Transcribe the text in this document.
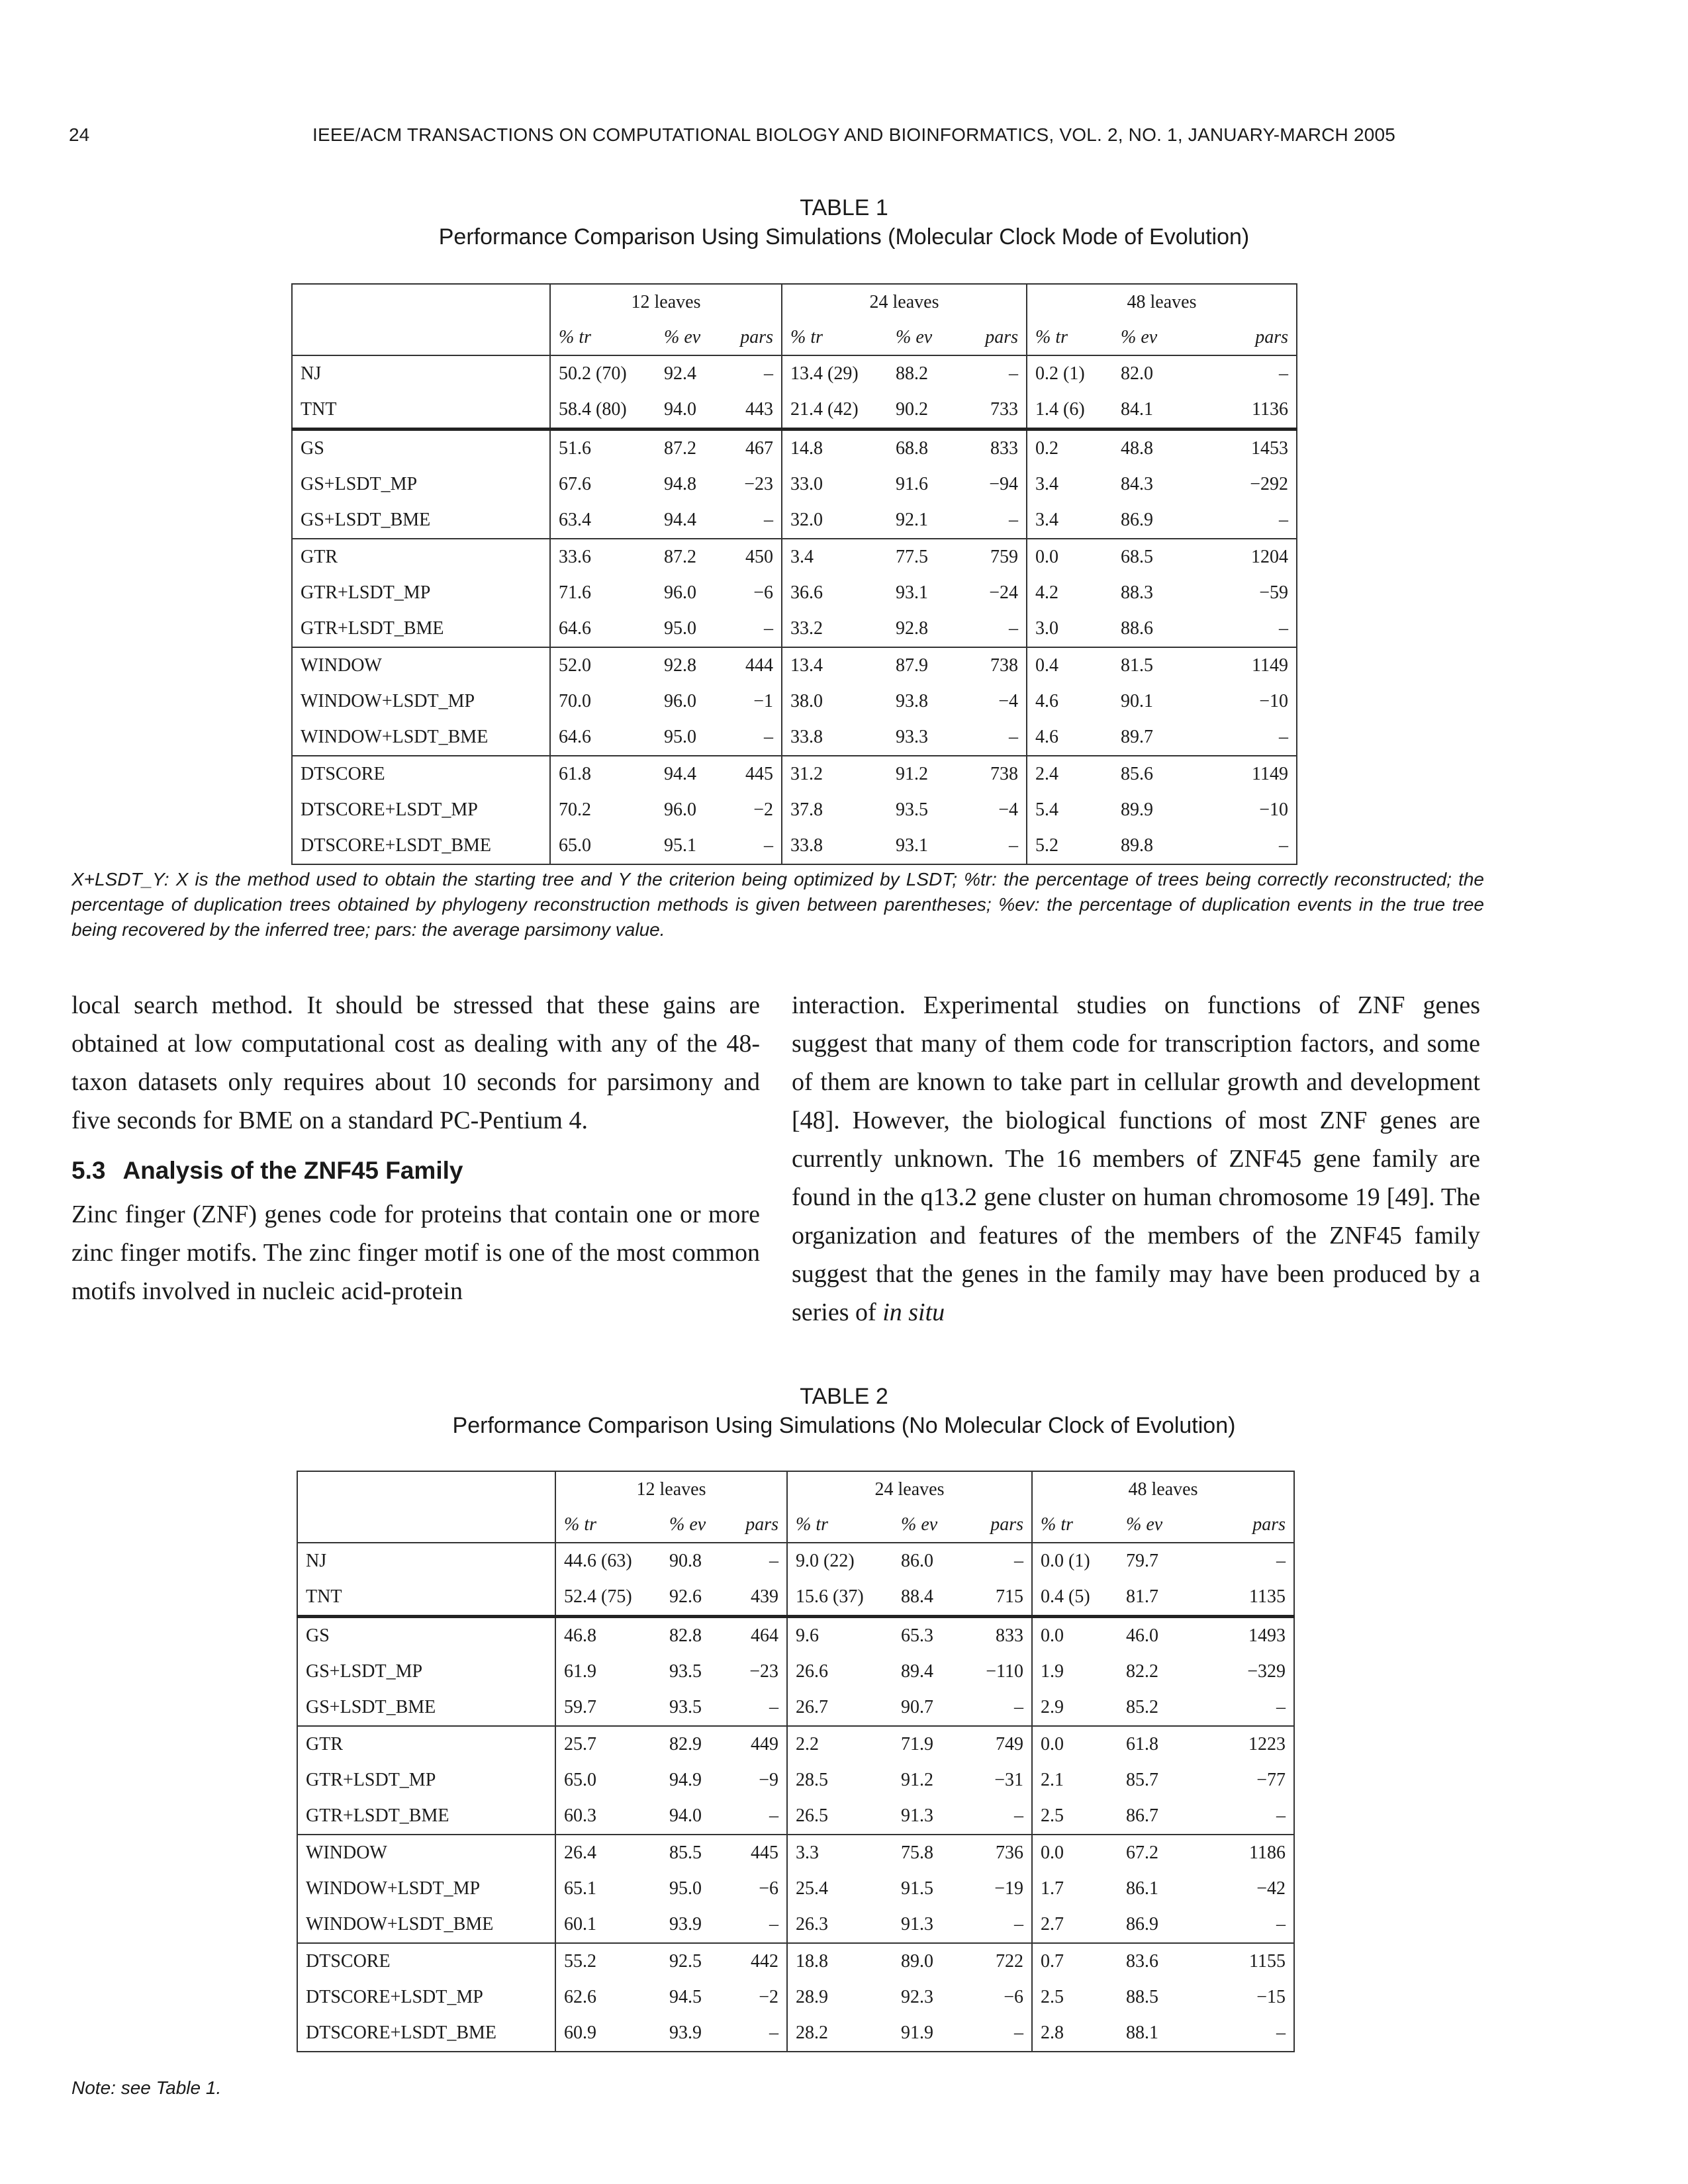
24	IEEE/ACM TRANSACTIONS ON COMPUTATIONAL BIOLOGY AND BIOINFORMATICS, VOL. 2, NO. 1, JANUARY-MARCH 2005
TABLE 1
Performance Comparison Using Simulations (Molecular Clock Mode of Evolution)
	12 leaves			24 leaves			48 leaves		
	% tr	% ev	pars	% tr	% ev	pars	% tr	% ev	pars
NJ	50.2 (70)	92.4	–	13.4 (29)	88.2	–	0.2 (1)	82.0	–
TNT	58.4 (80)	94.0	443	21.4 (42)	90.2	733	1.4 (6)	84.1	1136
GS	51.6	87.2	467	14.8	68.8	833	0.2	48.8	1453
GS+LSDT_MP	67.6	94.8	−23	33.0	91.6	−94	3.4	84.3	−292
GS+LSDT_BME	63.4	94.4	–	32.0	92.1	–	3.4	86.9	–
GTR	33.6	87.2	450	3.4	77.5	759	0.0	68.5	1204
GTR+LSDT_MP	71.6	96.0	−6	36.6	93.1	−24	4.2	88.3	−59
GTR+LSDT_BME	64.6	95.0	–	33.2	92.8	–	3.0	88.6	–
WINDOW	52.0	92.8	444	13.4	87.9	738	0.4	81.5	1149
WINDOW+LSDT_MP	70.0	96.0	−1	38.0	93.8	−4	4.6	90.1	−10
WINDOW+LSDT_BME	64.6	95.0	–	33.8	93.3	–	4.6	89.7	–
DTSCORE	61.8	94.4	445	31.2	91.2	738	2.4	85.6	1149
DTSCORE+LSDT_MP	70.2	96.0	−2	37.8	93.5	−4	5.4	89.9	−10
DTSCORE+LSDT_BME	65.0	95.1	–	33.8	93.1	–	5.2	89.8	–
X+LSDT_Y: X is the method used to obtain the starting tree and Y the criterion being optimized by LSDT; %tr: the percentage of trees being correctly reconstructed; the percentage of duplication trees obtained by phylogeny reconstruction methods is given between parentheses; %ev: the percentage of duplication events in the true tree being recovered by the inferred tree; pars: the average parsimony value.

local search method. It should be stressed that these gains are obtained at low computational cost as dealing with any of the 48-taxon datasets only requires about 10 seconds for parsimony and five seconds for BME on a standard PC-Pentium 4.

5.3 Analysis of the ZNF45 Family

Zinc finger (ZNF) genes code for proteins that contain one or more zinc finger motifs. The zinc finger motif is one of the most common motifs involved in nucleic acid-protein

interaction. Experimental studies on functions of ZNF genes suggest that many of them code for transcription factors, and some of them are known to take part in cellular growth and development [48]. However, the biological functions of most ZNF genes are currently unknown. The 16 members of ZNF45 gene family are found in the q13.2 gene cluster on human chromosome 19 [49]. The organization and features of the members of the ZNF45 family suggest that the genes in the family may have been produced by a series of in situ

TABLE 2
Performance Comparison Using Simulations (No Molecular Clock of Evolution)
	12 leaves			24 leaves			48 leaves		
	% tr	% ev	pars	% tr	% ev	pars	% tr	% ev	pars
NJ	44.6 (63)	90.8	–	9.0 (22)	86.0	–	0.0 (1)	79.7	–
TNT	52.4 (75)	92.6	439	15.6 (37)	88.4	715	0.4 (5)	81.7	1135
GS	46.8	82.8	464	9.6	65.3	833	0.0	46.0	1493
GS+LSDT_MP	61.9	93.5	−23	26.6	89.4	−110	1.9	82.2	−329
GS+LSDT_BME	59.7	93.5	–	26.7	90.7	–	2.9	85.2	–
GTR	25.7	82.9	449	2.2	71.9	749	0.0	61.8	1223
GTR+LSDT_MP	65.0	94.9	−9	28.5	91.2	−31	2.1	85.7	−77
GTR+LSDT_BME	60.3	94.0	–	26.5	91.3	–	2.5	86.7	–
WINDOW	26.4	85.5	445	3.3	75.8	736	0.0	67.2	1186
WINDOW+LSDT_MP	65.1	95.0	−6	25.4	91.5	−19	1.7	86.1	−42
WINDOW+LSDT_BME	60.1	93.9	–	26.3	91.3	–	2.7	86.9	–
DTSCORE	55.2	92.5	442	18.8	89.0	722	0.7	83.6	1155
DTSCORE+LSDT_MP	62.6	94.5	−2	28.9	92.3	−6	2.5	88.5	−15
DTSCORE+LSDT_BME	60.9	93.9	–	28.2	91.9	–	2.8	88.1	–
Note: see Table 1.
